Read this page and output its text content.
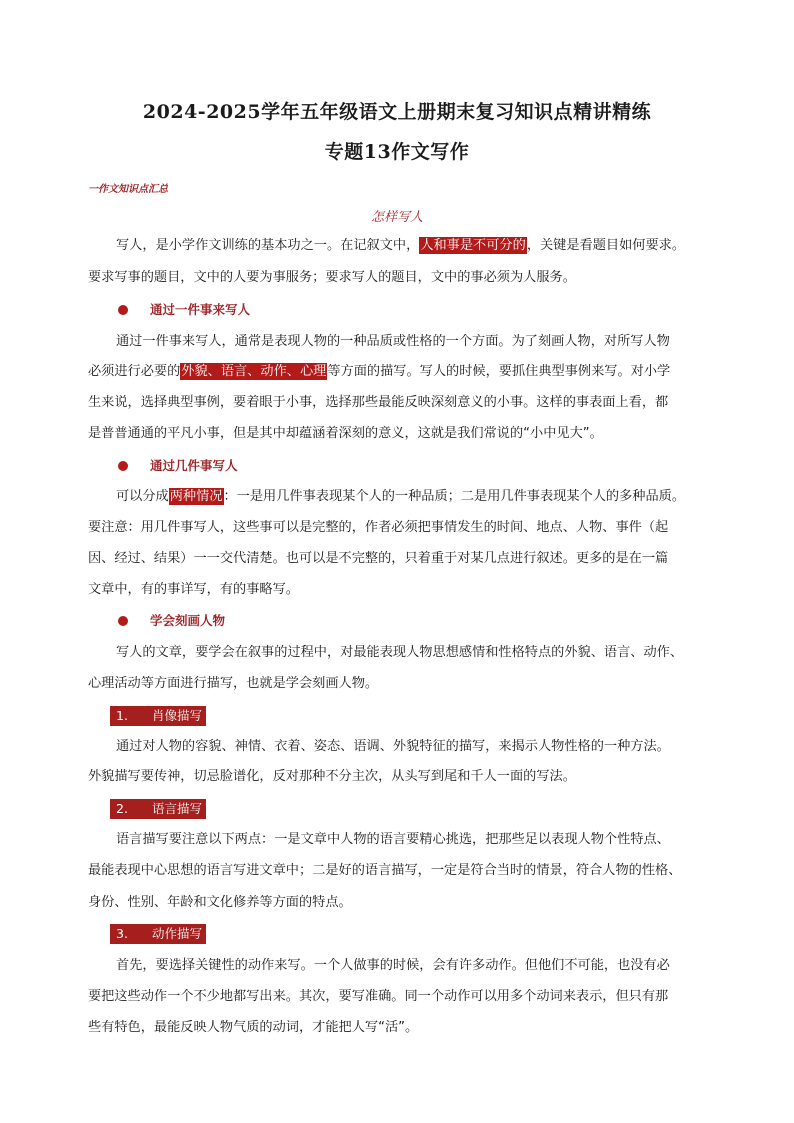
2024-2025学年五年级语文上册期末复习知识点精讲精练
专题13作文写作
一作文知识点汇总
怎样写人
写人，是小学作文训练的基本功之一。在记叙文中，人和事是不可分的，关键是看题目如何要求。
要求写事的题目，文中的人要为事服务；要求写人的题目，文中的事必须为人服务。
通过一件事来写人
通过一件事来写人，通常是表现人物的一种品质或性格的一个方面。为了刻画人物，对所写人物
必须进行必要的外貌、语言、动作、心理等方面的描写。写人的时候，要抓住典型事例来写。对小学
生来说，选择典型事例，要着眼于小事，选择那些最能反映深刻意义的小事。这样的事表面上看，都
是普普通通的平凡小事，但是其中却蕴涵着深刻的意义，这就是我们常说的“小中见大”。
通过几件事写人
可以分成两种情况：一是用几件事表现某个人的一种品质；二是用几件事表现某个人的多种品质。
要注意：用几件事写人，这些事可以是完整的，作者必须把事情发生的时间、地点、人物、事件（起
因、经过、结果）一一交代清楚。也可以是不完整的，只着重于对某几点进行叙述。更多的是在一篇
文章中，有的事详写，有的事略写。
学会刻画人物
写人的文章，要学会在叙事的过程中，对最能表现人物思想感情和性格特点的外貌、语言、动作、
心理活动等方面进行描写，也就是学会刻画人物。
1. 肖像描写
通过对人物的容貌、神情、衣着、姿态、语调、外貌特征的描写，来揭示人物性格的一种方法。
外貌描写要传神，切忌脸谱化，反对那种不分主次，从头写到尾和千人一面的写法。
2. 语言描写
语言描写要注意以下两点：一是文章中人物的语言要精心挑选，把那些足以表现人物个性特点、
最能表现中心思想的语言写进文章中；二是好的语言描写，一定是符合当时的情景，符合人物的性格、
身份、性别、年龄和文化修养等方面的特点。
3. 动作描写
首先，要选择关键性的动作来写。一个人做事的时候，会有许多动作。但他们不可能，也没有必
要把这些动作一个不少地都写出来。其次，要写准确。同一个动作可以用多个动词来表示，但只有那
些有特色，最能反映人物气质的动词，才能把人写“活”。
